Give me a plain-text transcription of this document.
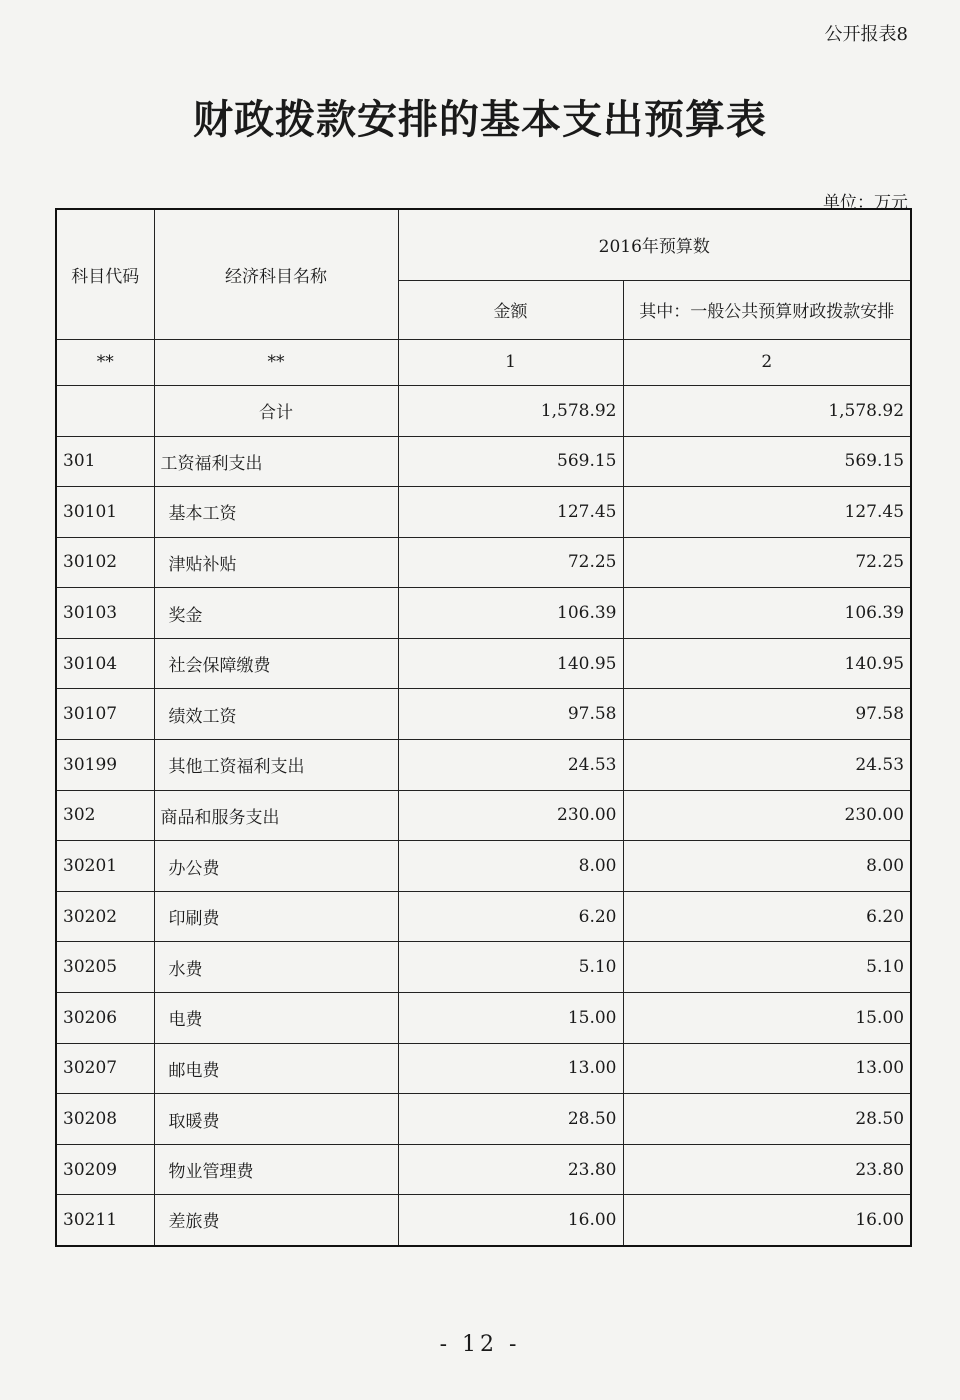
公开报表8
财政拨款安排的基本支出预算表
单位：万元
科目代码	经济科目名称	2016年预算数	
		金额	其中：一般公共预算财政拨款安排
**	**	1	2
	合计	1,578.92	1,578.92
301	工资福利支出	569.15	569.15
30101	基本工资	127.45	127.45
30102	津贴补贴	72.25	72.25
30103	奖金	106.39	106.39
30104	社会保障缴费	140.95	140.95
30107	绩效工资	97.58	97.58
30199	其他工资福利支出	24.53	24.53
302	商品和服务支出	230.00	230.00
30201	办公费	8.00	8.00
30202	印刷费	6.20	6.20
30205	水费	5.10	5.10
30206	电费	15.00	15.00
30207	邮电费	13.00	13.00
30208	取暖费	28.50	28.50
30209	物业管理费	23.80	23.80
30211	差旅费	16.00	16.00
- 12 -
